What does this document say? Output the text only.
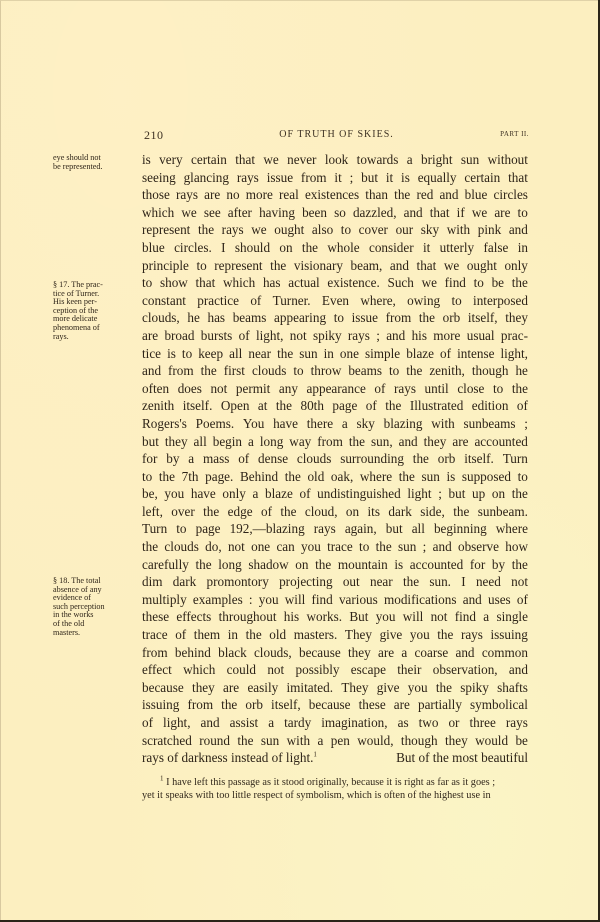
210	OF TRUTH OF SKIES.	PART II.
eye should not
be represented.
§ 17. The prac-
tice of Turner.
His keen per-
ception of the
more delicate
phenomena of
rays.
§ 18. The total
absence of any
evidence of
such perception
in the works
of the old
masters.
is very certain that we never look towards a bright sun without
seeing glancing rays issue from it ; but it is equally certain that
those rays are no more real existences than the red and blue circles
which we see after having been so dazzled, and that if we are to
represent the rays we ought also to cover our sky with pink and
blue circles. I should on the whole consider it utterly false in
principle to represent the visionary beam, and that we ought only
to show that which has actual existence. Such we find to be the
constant practice of Turner. Even where, owing to interposed
clouds, he has beams appearing to issue from the orb itself, they
are broad bursts of light, not spiky rays ; and his more usual prac-
tice is to keep all near the sun in one simple blaze of intense light,
and from the first clouds to throw beams to the zenith, though he
often does not permit any appearance of rays until close to the
zenith itself. Open at the 80th page of the Illustrated edition of
Rogers's Poems. You have there a sky blazing with sunbeams ;
but they all begin a long way from the sun, and they are accounted
for by a mass of dense clouds surrounding the orb itself. Turn
to the 7th page. Behind the old oak, where the sun is supposed to
be, you have only a blaze of undistinguished light ; but up on the
left, over the edge of the cloud, on its dark side, the sunbeam.
Turn to page 192,—blazing rays again, but all beginning where
the clouds do, not one can you trace to the sun ; and observe how
carefully the long shadow on the mountain is accounted for by the
dim dark promontory projecting out near the sun. I need not
multiply examples : you will find various modifications and uses of
these effects throughout his works. But you will not find a single
trace of them in the old masters. They give you the rays issuing
from behind black clouds, because they are a coarse and common
effect which could not possibly escape their observation, and
because they are easily imitated. They give you the spiky shafts
issuing from the orb itself, because these are partially symbolical
of light, and assist a tardy imagination, as two or three rays
scratched round the sun with a pen would, though they would be
rays of darkness instead of light.$^1$	But of the most beautiful
$^1$ I have left this passage as it stood originally, because it is right as far as it goes ;
yet it speaks with too little respect of symbolism, which is often of the highest use in
